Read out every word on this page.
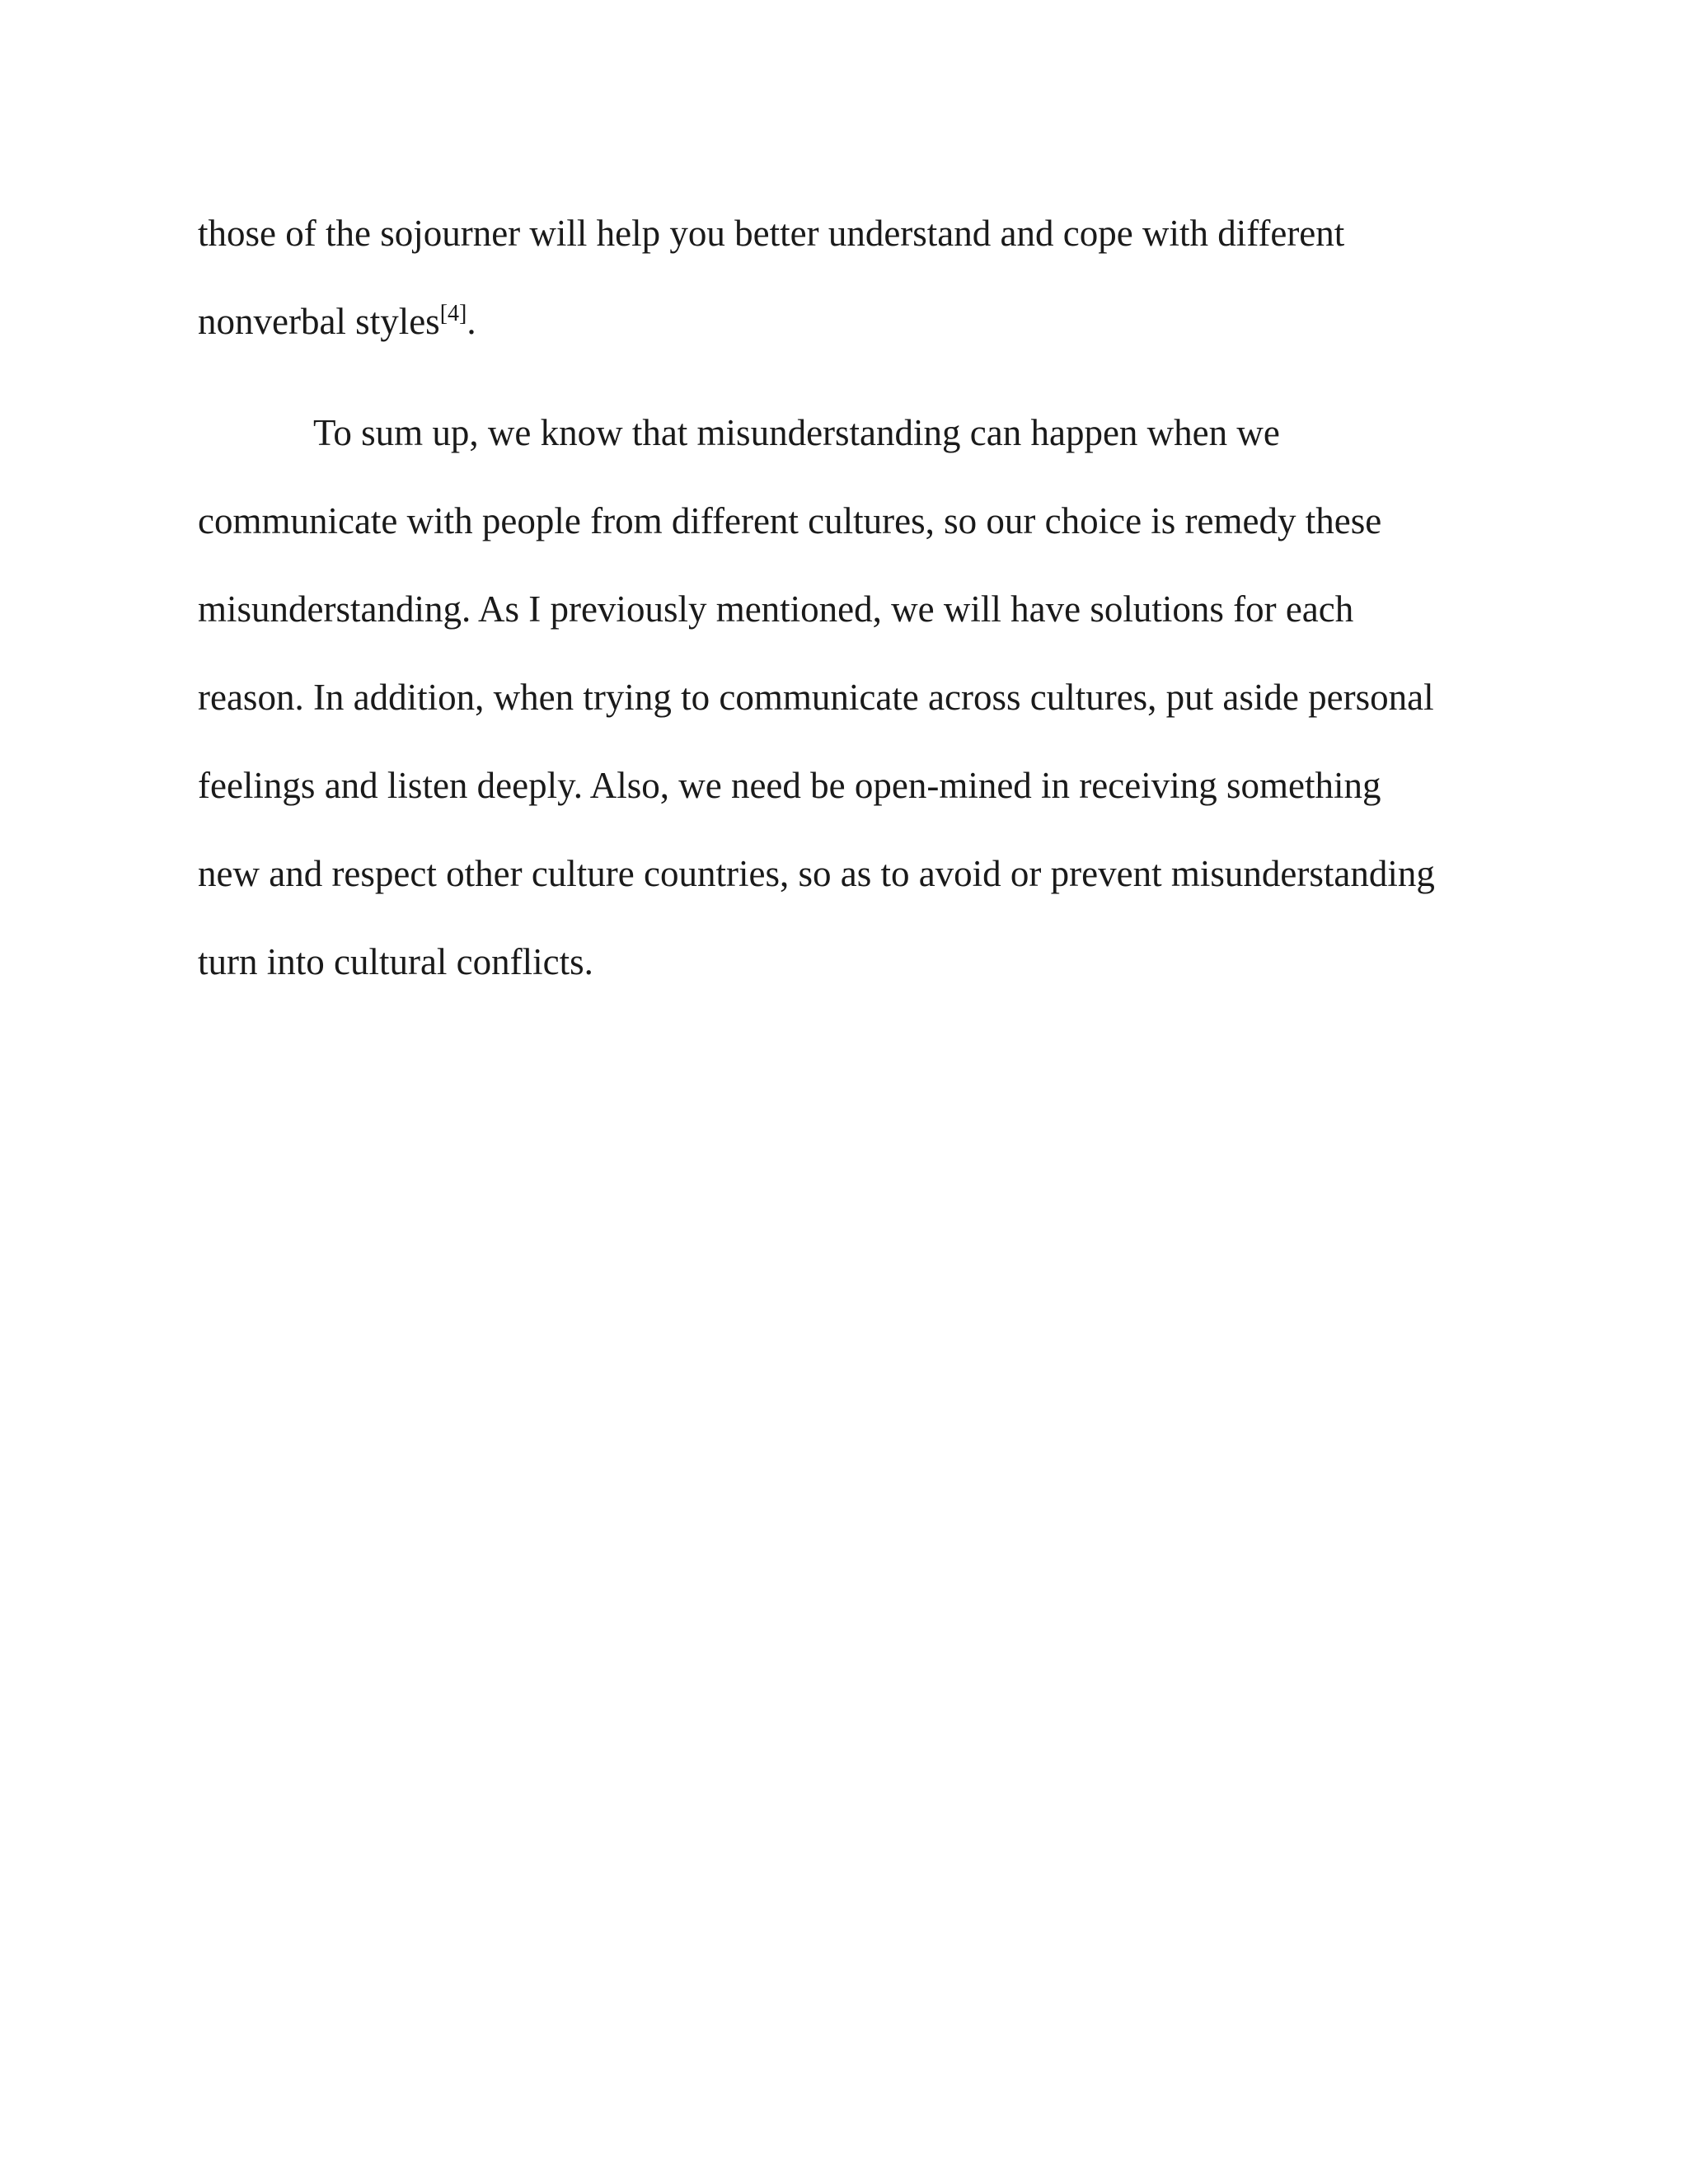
those of the sojourner will help you better understand and cope with different
nonverbal styles[4].
To sum up, we know that misunderstanding can happen when we
communicate with people from different cultures, so our choice is remedy these
misunderstanding. As I previously mentioned, we will have solutions for each
reason. In addition, when trying to communicate across cultures, put aside personal
feelings and listen deeply. Also, we need be open-mined in receiving something
new and respect other culture countries, so as to avoid or prevent misunderstanding
turn into cultural conflicts.
